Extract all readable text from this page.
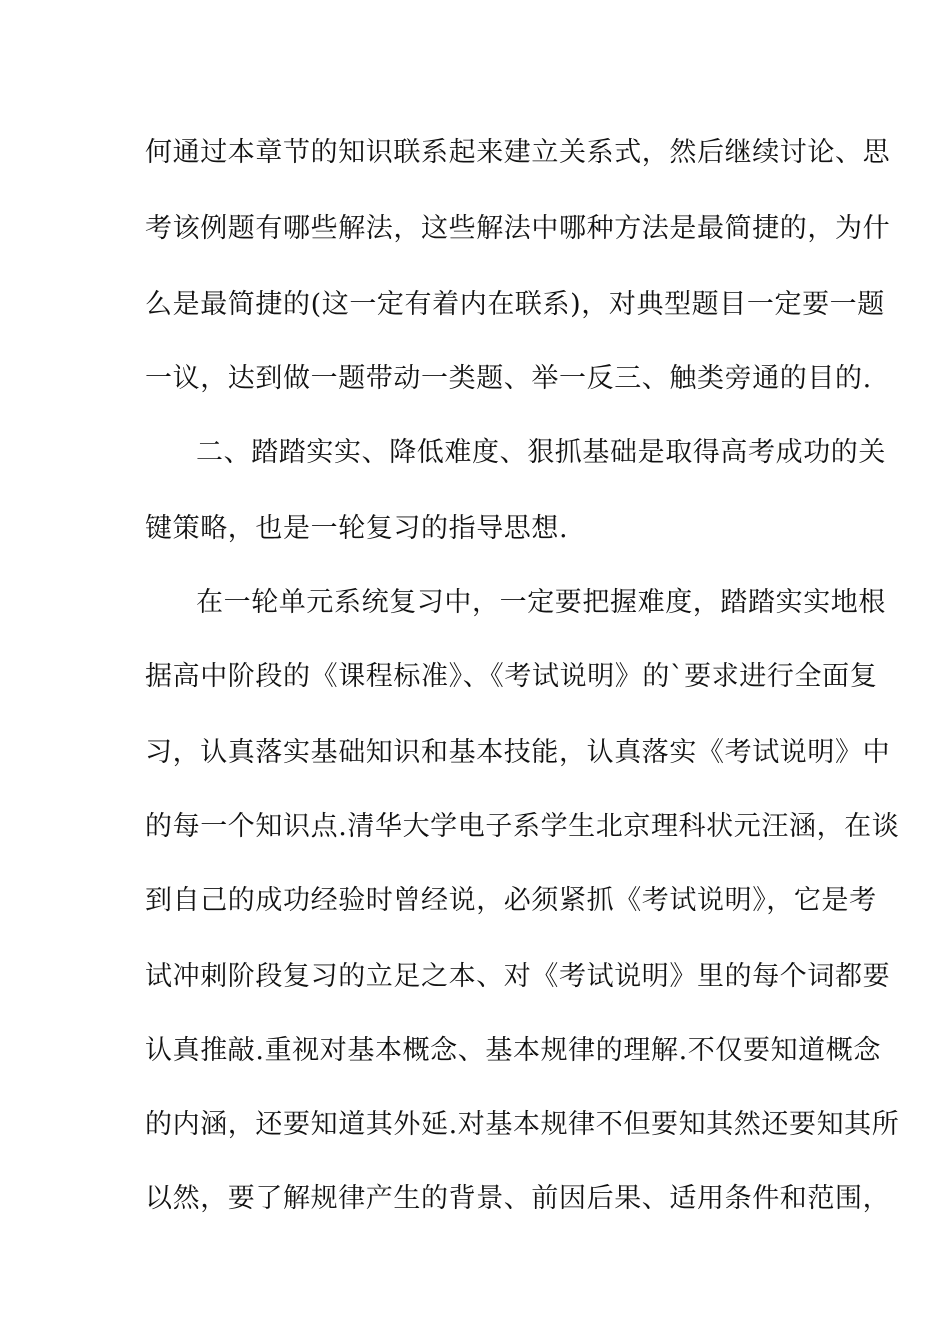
何通过本章节的知识联系起来建立关系式，然后继续讨论、思
考该例题有哪些解法，这些解法中哪种方法是最简捷的，为什
么是最简捷的(这一定有着内在联系)，对典型题目一定要一题
一议，达到做一题带动一类题、举一反三、触类旁通的目的.
二、踏踏实实、降低难度、狠抓基础是取得高考成功的关
键策略，也是一轮复习的指导思想.
在一轮单元系统复习中，一定要把握难度，踏踏实实地根
据高中阶段的《课程标准》、《考试说明》的`要求进行全面复
习，认真落实基础知识和基本技能，认真落实《考试说明》中
的每一个知识点.清华大学电子系学生北京理科状元汪涵，在谈
到自己的成功经验时曾经说，必须紧抓《考试说明》，它是考
试冲刺阶段复习的立足之本、对《考试说明》里的每个词都要
认真推敲.重视对基本概念、基本规律的理解.不仅要知道概念
的内涵，还要知道其外延.对基本规律不但要知其然还要知其所
以然，要了解规律产生的背景、前因后果、适用条件和范围，
